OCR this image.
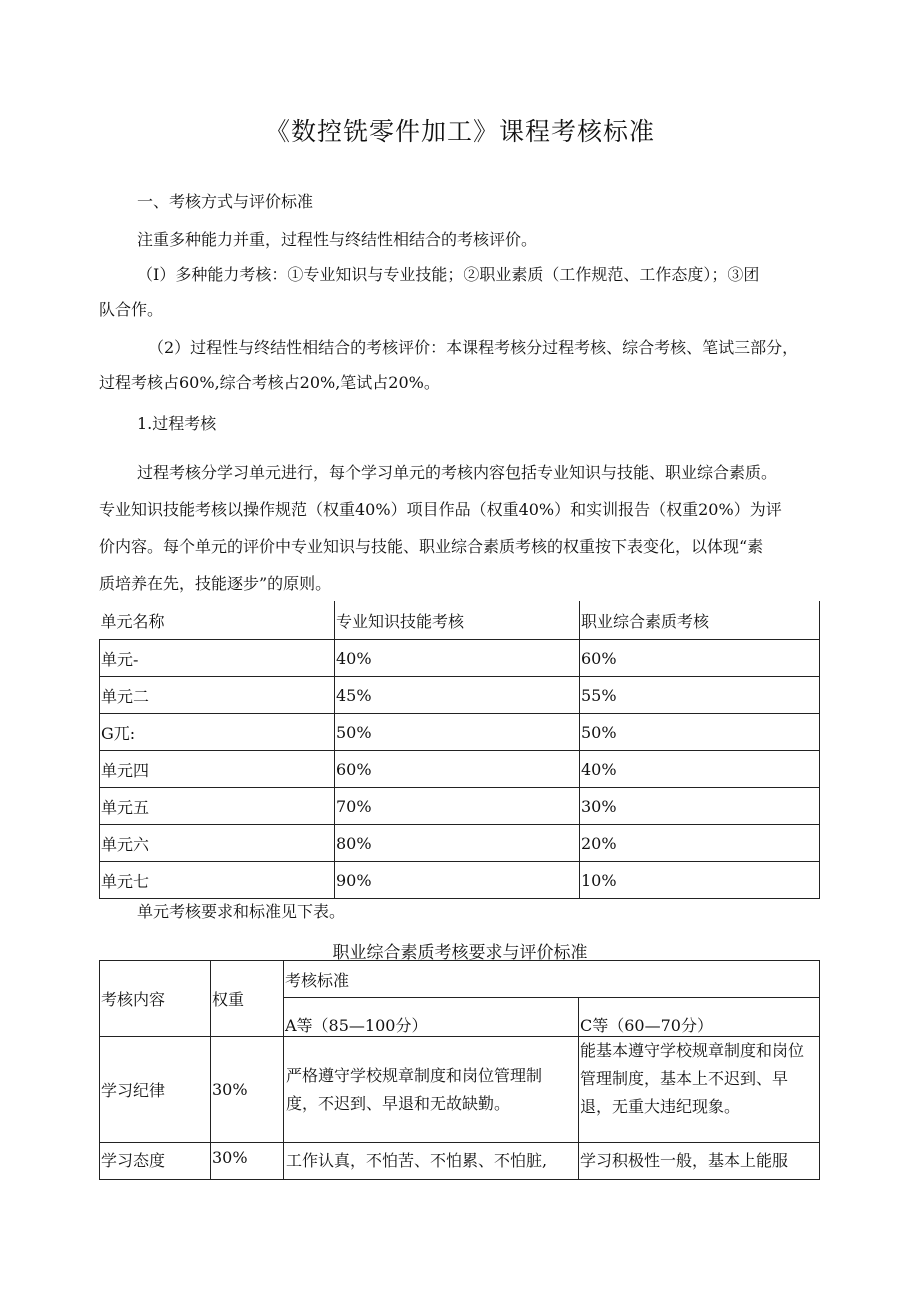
《数控铣零件加工》课程考核标准
一、考核方式与评价标准
注重多种能力并重，过程性与终结性相结合的考核评价。
（I）多种能力考核：①专业知识与专业技能；②职业素质（工作规范、工作态度）；③团
队合作。
（2）过程性与终结性相结合的考核评价：本课程考核分过程考核、综合考核、笔试三部分，
过程考核占60%,综合考核占20%,笔试占20%。
1.过程考核
过程考核分学习单元进行，每个学习单元的考核内容包括专业知识与技能、职业综合素质。
专业知识技能考核以操作规范（权重40%）项目作品（权重40%）和实训报告（权重20%）为评
价内容。每个单元的评价中专业知识与技能、职业综合素质考核的权重按下表变化，以体现“素
质培养在先，技能逐步”的原则。
单元名称	专业知识技能考核	职业综合素质考核
单元-	40%	60%
单元二	45%	55%
G兀:	50%	50%
单元四	60%	40%
单元五	70%	30%
单元六	80%	20%
单元七	90%	10%
单元考核要求和标准见下表。
职业综合素质考核要求与评价标准
考核内容	权重	考核标准	
		A等（85—100分）	C等（60—70分）
学习纪律	30%	严格遵守学校规章制度和岗位管理制度，不迟到、早退和无故缺勤。	能基本遵守学校规章制度和岗位管理制度，基本上不迟到、早退，无重大违纪现象。
学习态度	30%	工作认真，不怕苦、不怕累、不怕脏,	学习积极性一般，基本上能服
